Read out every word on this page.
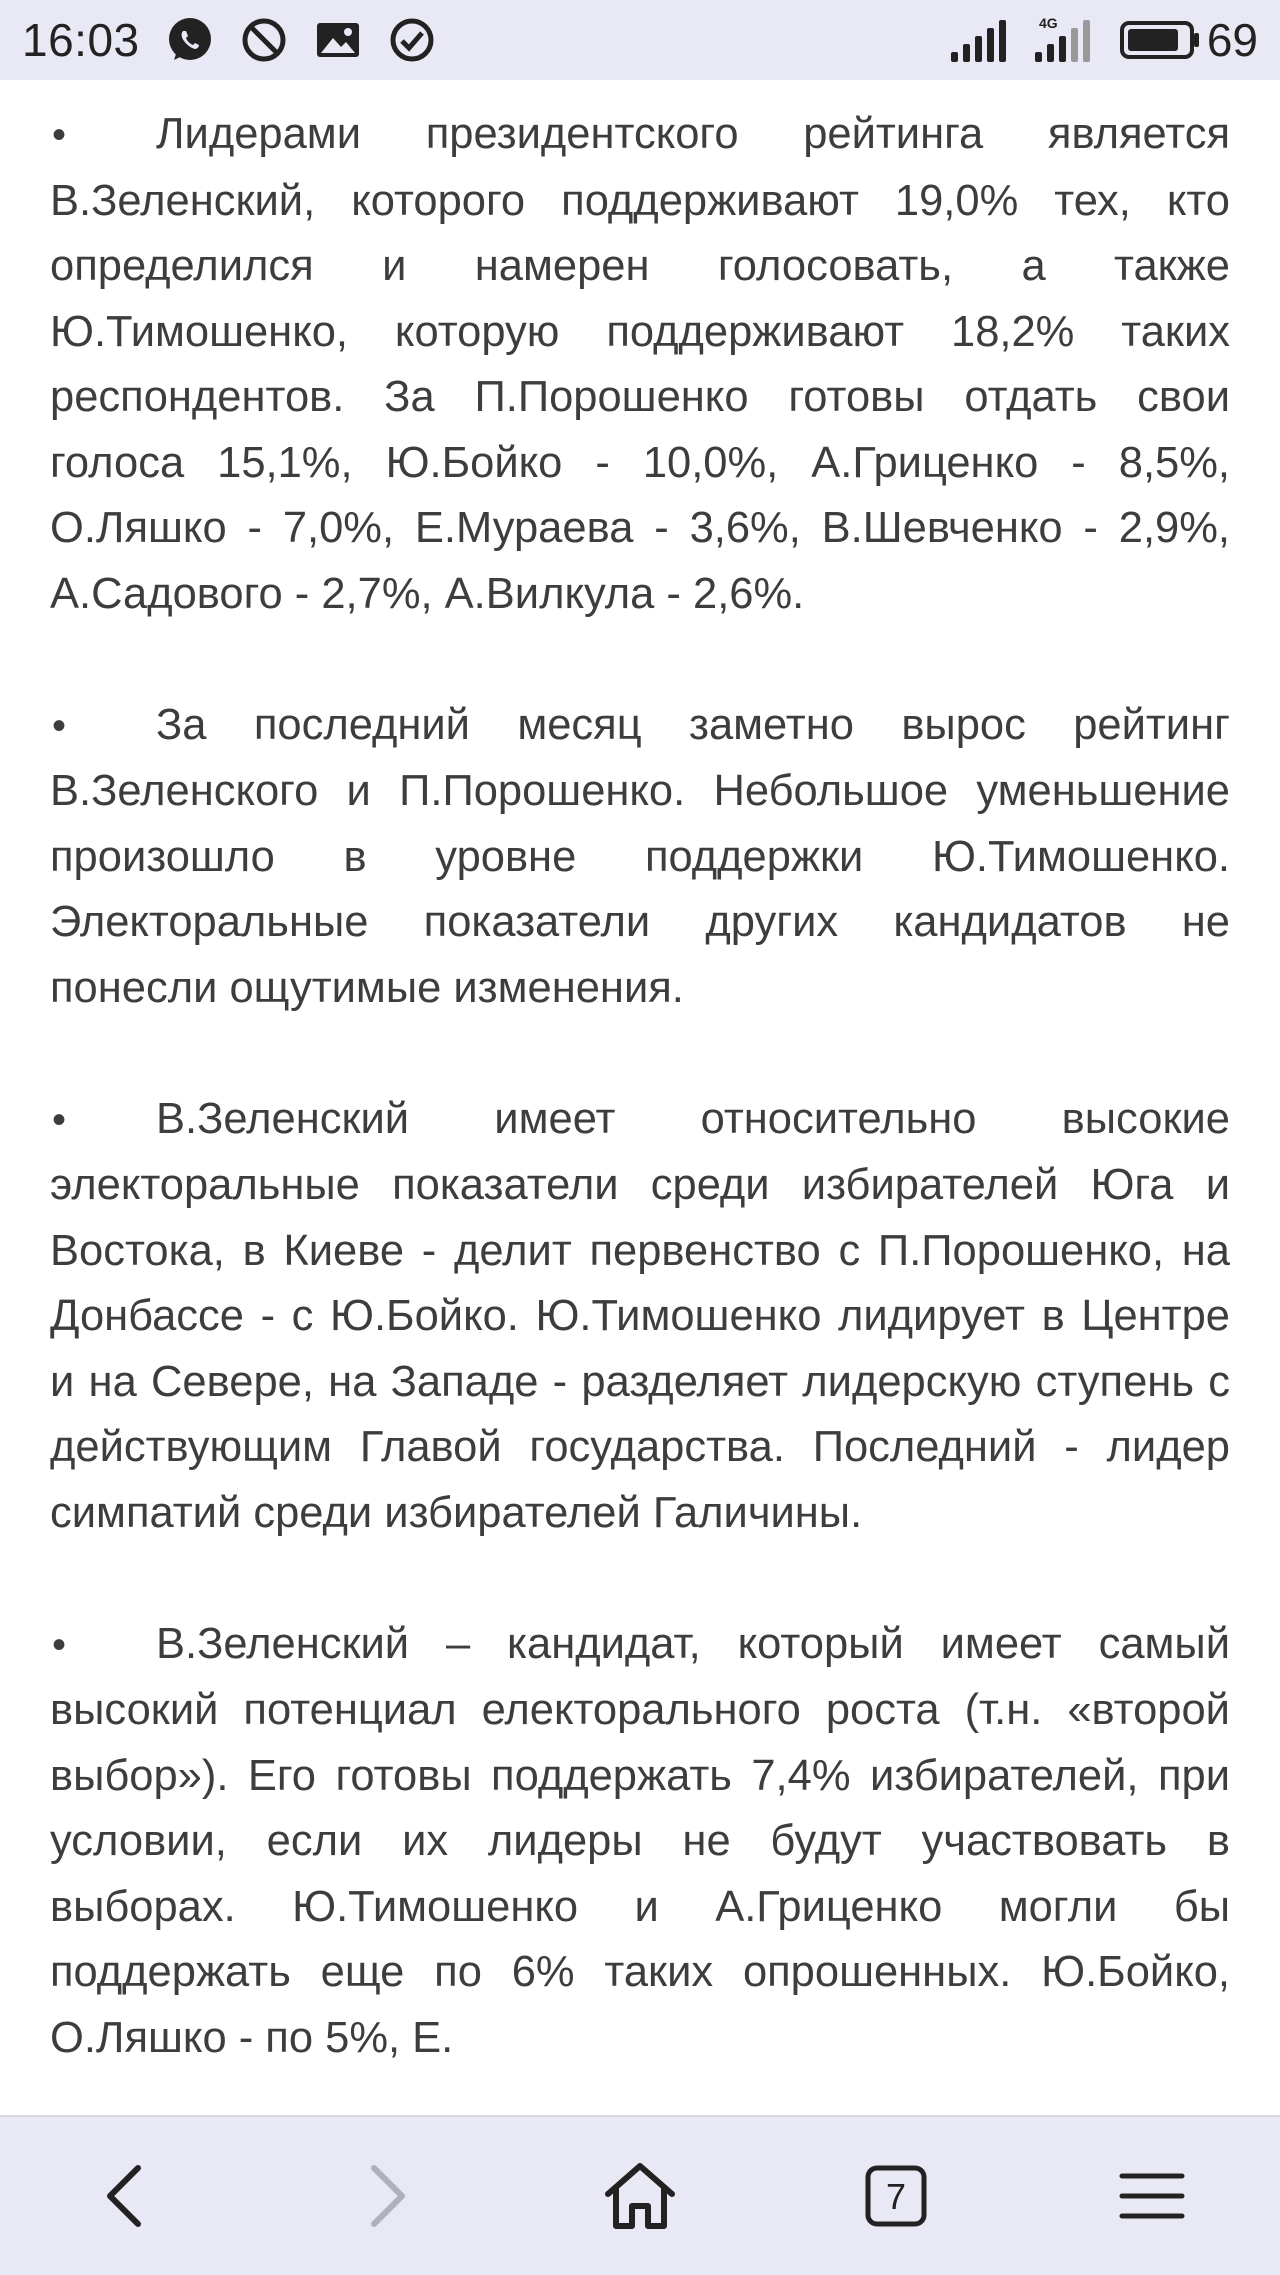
16:03	4G	69

•Лидерами президентского рейтинга является В.Зеленский, которого поддерживают 19,0% тех, кто определился и намерен голосовать, а также Ю.Тимошенко, которую поддерживают 18,2% таких респондентов. За П.Порошенко готовы отдать свои голоса 15,1%, Ю.Бойко - 10,0%, А.Гриценко - 8,5%, О.Ляшко - 7,0%, Е.Мураева - 3,6%, В.Шевченко - 2,9%, А.Садового - 2,7%, А.Вилкула - 2,6%.

•За последний месяц заметно вырос рейтинг В.Зеленского и П.Порошенко. Небольшое уменьшение произошло в уровне поддержки Ю.Тимошенко. Электоральные показатели других кандидатов не понесли ощутимые изменения.

•В.Зеленский имеет относительно высокие электоральные показатели среди избирателей Юга и Востока, в Киеве - делит первенство с П.Порошенко, на Донбассе - с Ю.Бойко. Ю.Тимошенко лидирует в Центре и на Севере, на Западе - разделяет лидерскую ступень с действующим Главой государства. Последний - лидер симпатий среди избирателей Галичины.

•В.Зеленский – кандидат, который имеет самый высокий потенциал електорального роста (т.н. «второй выбор»). Его готовы поддержать 7,4% избирателей, при условии, если их лидеры не будут участвовать в выборах. Ю.Тимошенко и А.Гриценко могли бы поддержать еще по 6% таких опрошенных. Ю.Бойко, О.Ляшко - по 5%, Е.

7
